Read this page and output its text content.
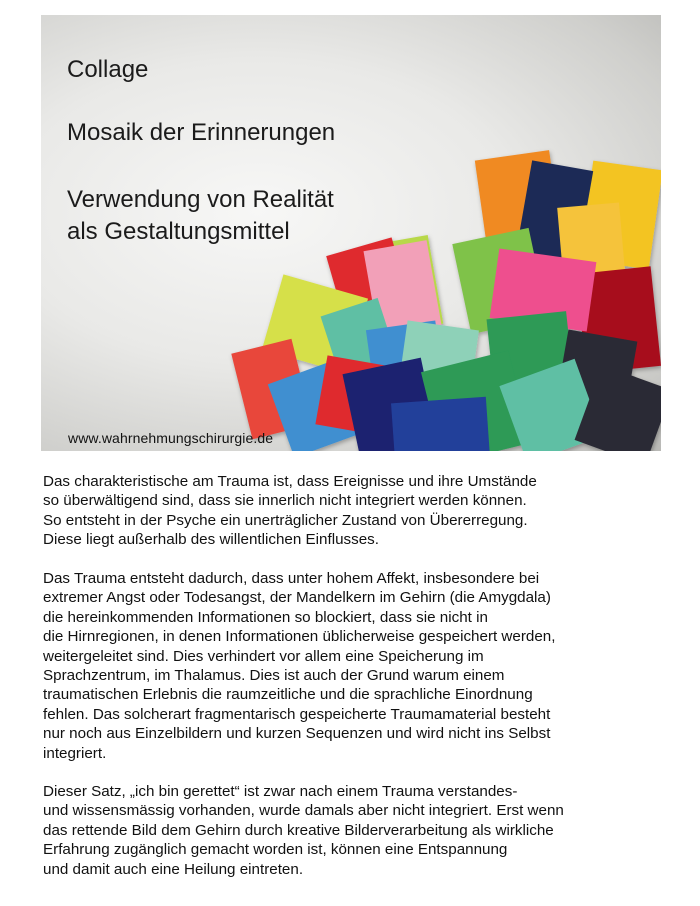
Collage
Mosaik der Erinnerungen
Verwendung von Realität
als Gestaltungsmittel
www.wahrnehmungschirurgie.de

Das charakteristische am Trauma ist, dass Ereignisse und ihre Umstände
so überwältigend sind, dass sie innerlich nicht integriert werden können.
So entsteht in der Psyche ein unerträglicher Zustand von Übererregung.
Diese liegt außerhalb des willentlichen Einflusses.

Das Trauma entsteht dadurch, dass unter hohem Affekt, insbesondere bei
extremer Angst oder Todesangst, der Mandelkern im Gehirn (die Amygdala)
die hereinkommenden Informationen so blockiert, dass sie nicht in
die Hirnregionen, in denen Informationen üblicherweise gespeichert werden,
weitergeleitet sind. Dies verhindert vor allem eine Speicherung im
Sprachzentrum, im Thalamus. Dies ist auch der Grund warum einem
traumatischen Erlebnis die raumzeitliche und die sprachliche Einordnung
fehlen. Das solcherart fragmentarisch gespeicherte Traumamaterial besteht
nur noch aus Einzelbildern und kurzen Sequenzen und wird nicht ins Selbst
integriert.

Dieser Satz, „ich bin gerettet“ ist zwar nach einem Trauma verstandes-
und wissensmässig vorhanden, wurde damals aber nicht integriert. Erst wenn
das rettende Bild dem Gehirn durch kreative Bilderverarbeitung als wirkliche
Erfahrung zugänglich gemacht worden ist, können eine Entspannung
und damit auch eine Heilung eintreten.
